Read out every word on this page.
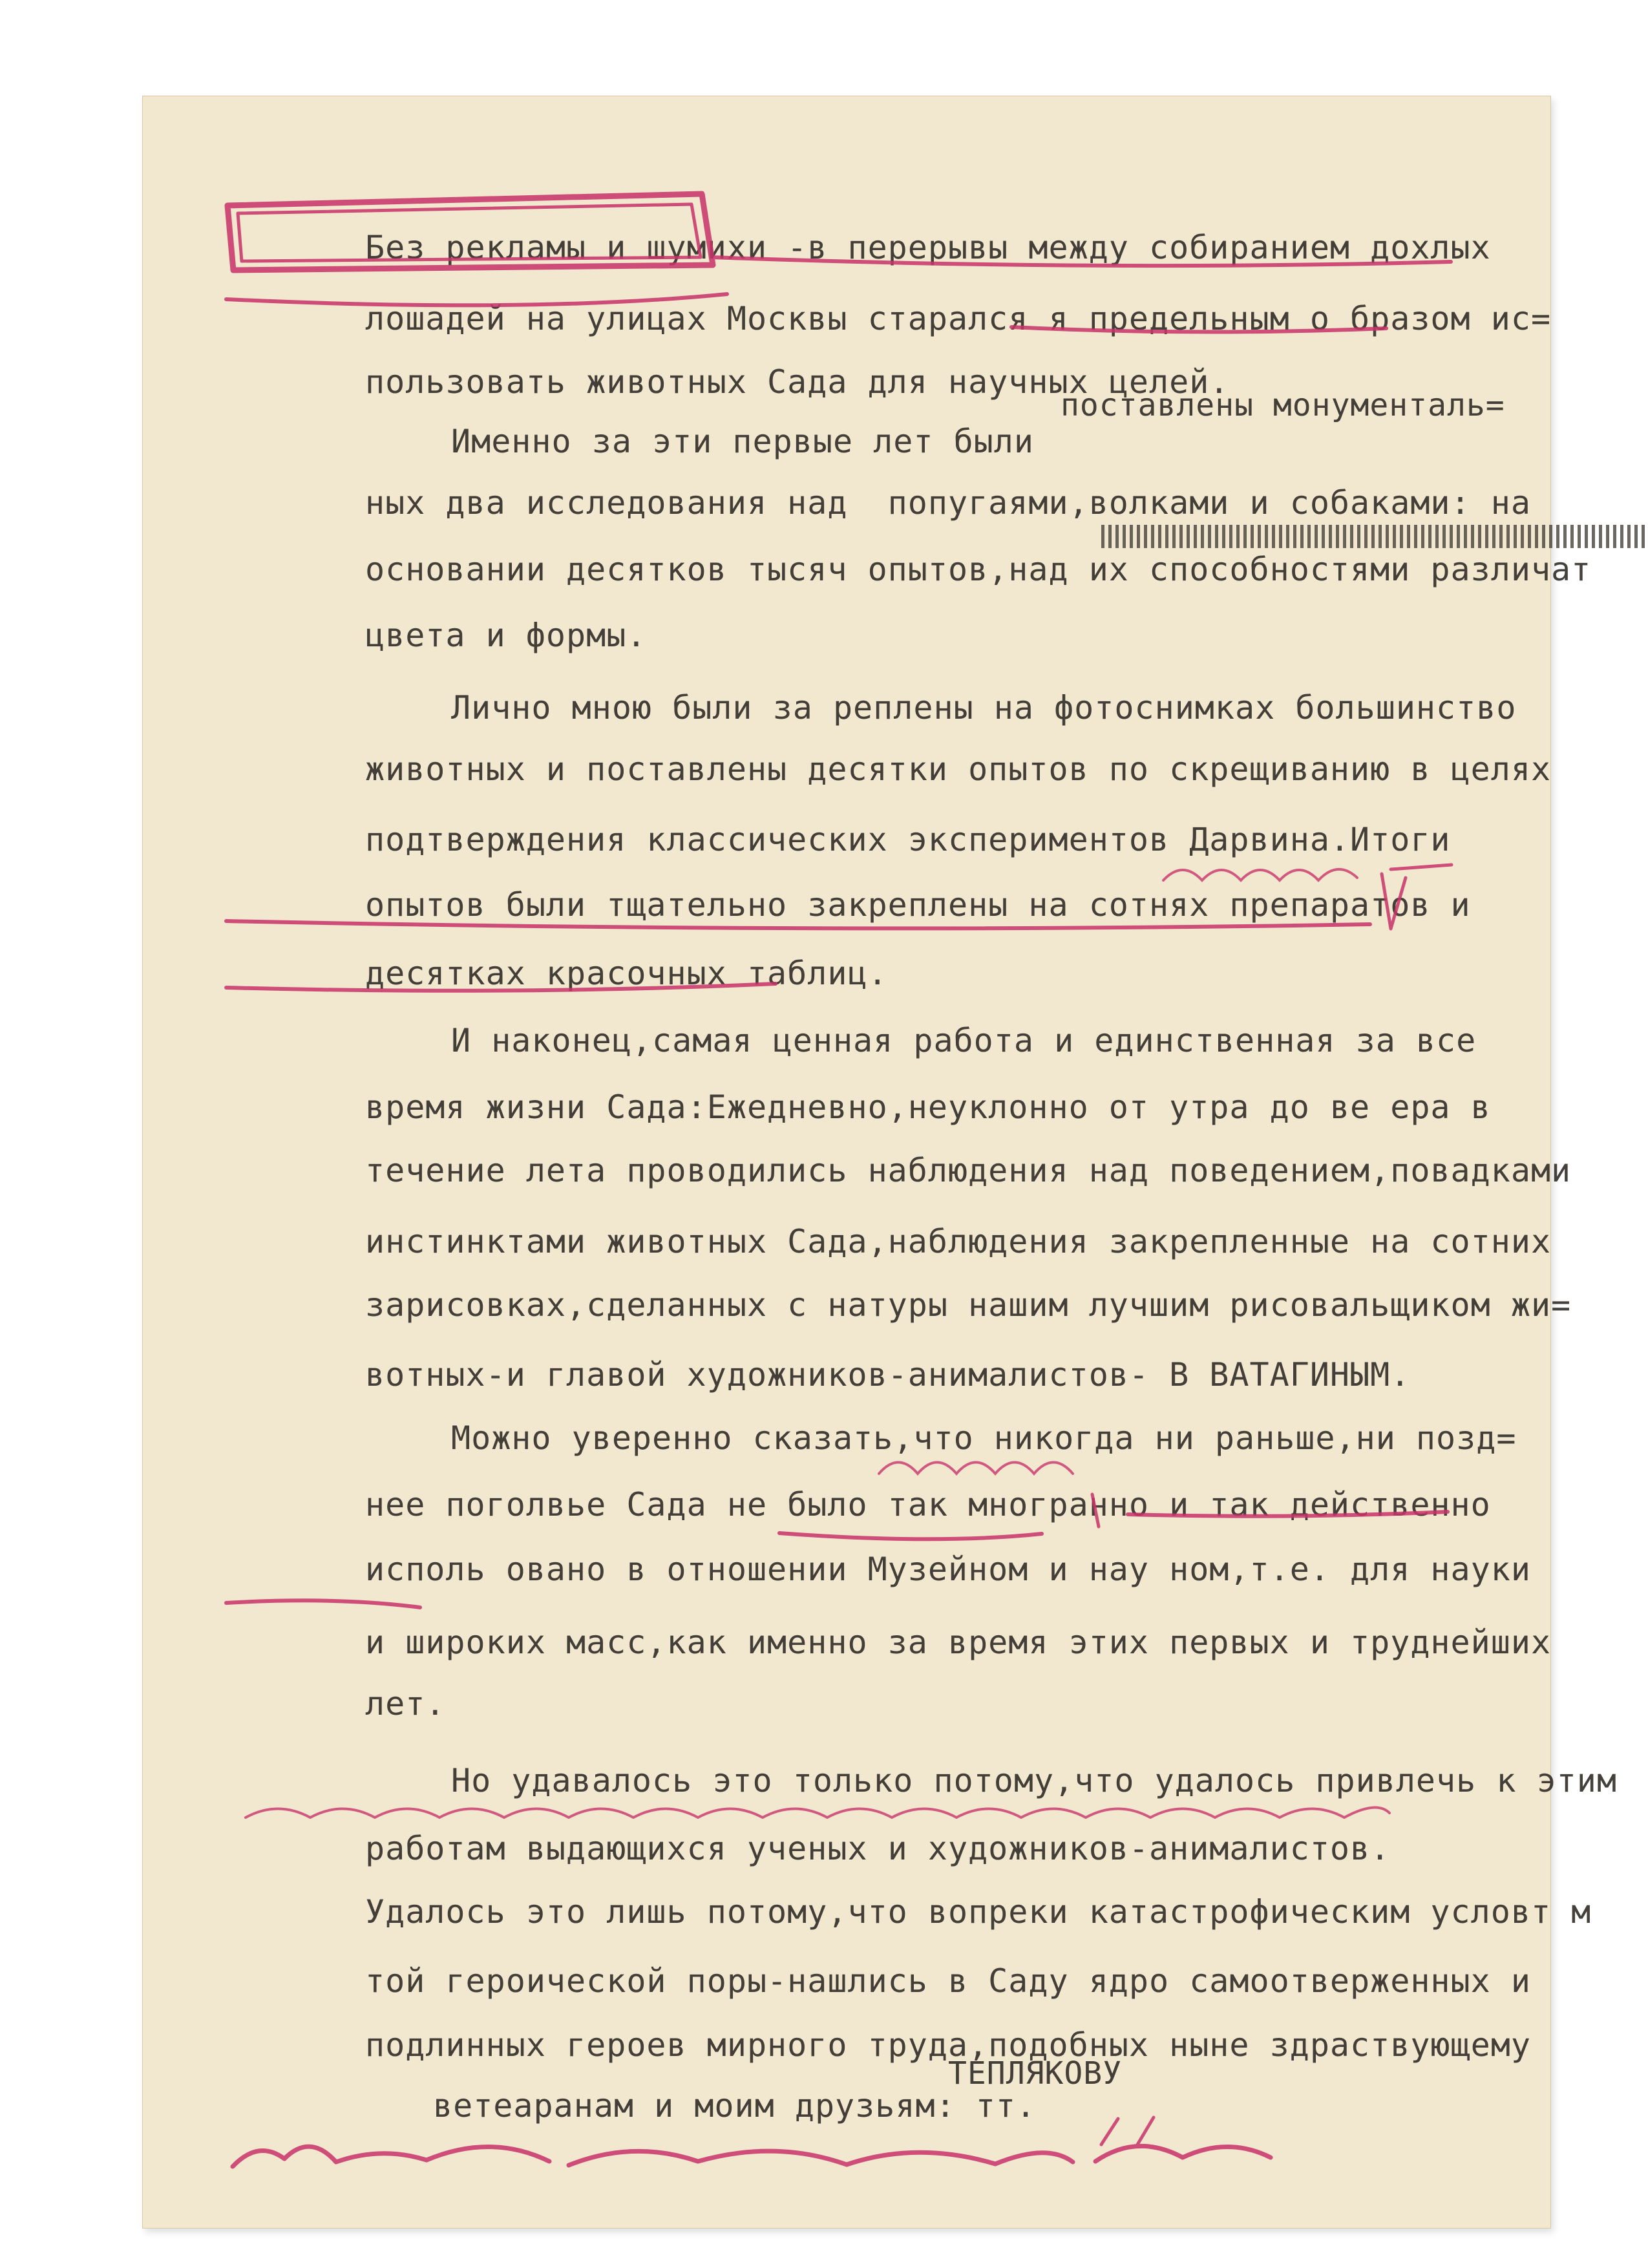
Без рекламы и шумихи -в перерывы между собиранием дохлых
лошадей на улицах Москвы старался я предельным о бразом ис=
пользовать животных Сада для научных целей.
поставлены монументаль=
Именно за эти первые лет были
ных два исследования над  попугаями,волками и собаками: на
основании десятков тысяч опытов,над их способностями различат
цвета и формы.
Лично мною были за реплены на фотоснимках большинство
животных и поставлены десятки опытов по скрещиванию в целях
подтверждения классических экспериментов Дарвина.Итоги
опытов были тщательно закреплены на сотнях препаратов и
десятках красочных таблиц.
И наконец,самая ценная работа и единственная за все
время жизни Сада:Ежедневно,неуклонно от утра до ве ера в
течение лета проводились наблюдения над поведением,повадками
инстинктами животных Сада,наблюдения закрепленные на сотних
зарисовках,сделанных с натуры нашим лучшим рисовальщиком жи=
вотных-и главой художников-анималистов- В ВАТАГИНЫМ.
Можно уверенно сказать,что никогда ни раньше,ни позд=
нее поголвье Сада не было так многранно и так действенно
исполь овано в отношении Музейном и нау ном,т.е. для науки
и широких масс,как именно за время этих первых и труднейших
лет.
Но удавалось это только потому,что удалось привлечь к этим
работам выдающихся ученых и художников-анималистов.
Удалось это лишь потому,что вопреки катастрофическим условт м
той героической поры-нашлись в Саду ядро самоотверженных и
подлинных героев мирного труда,подобных ныне здраствующему
ТЕПЛЯКОВУ
ветеаранам и моим друзьям: тт.
